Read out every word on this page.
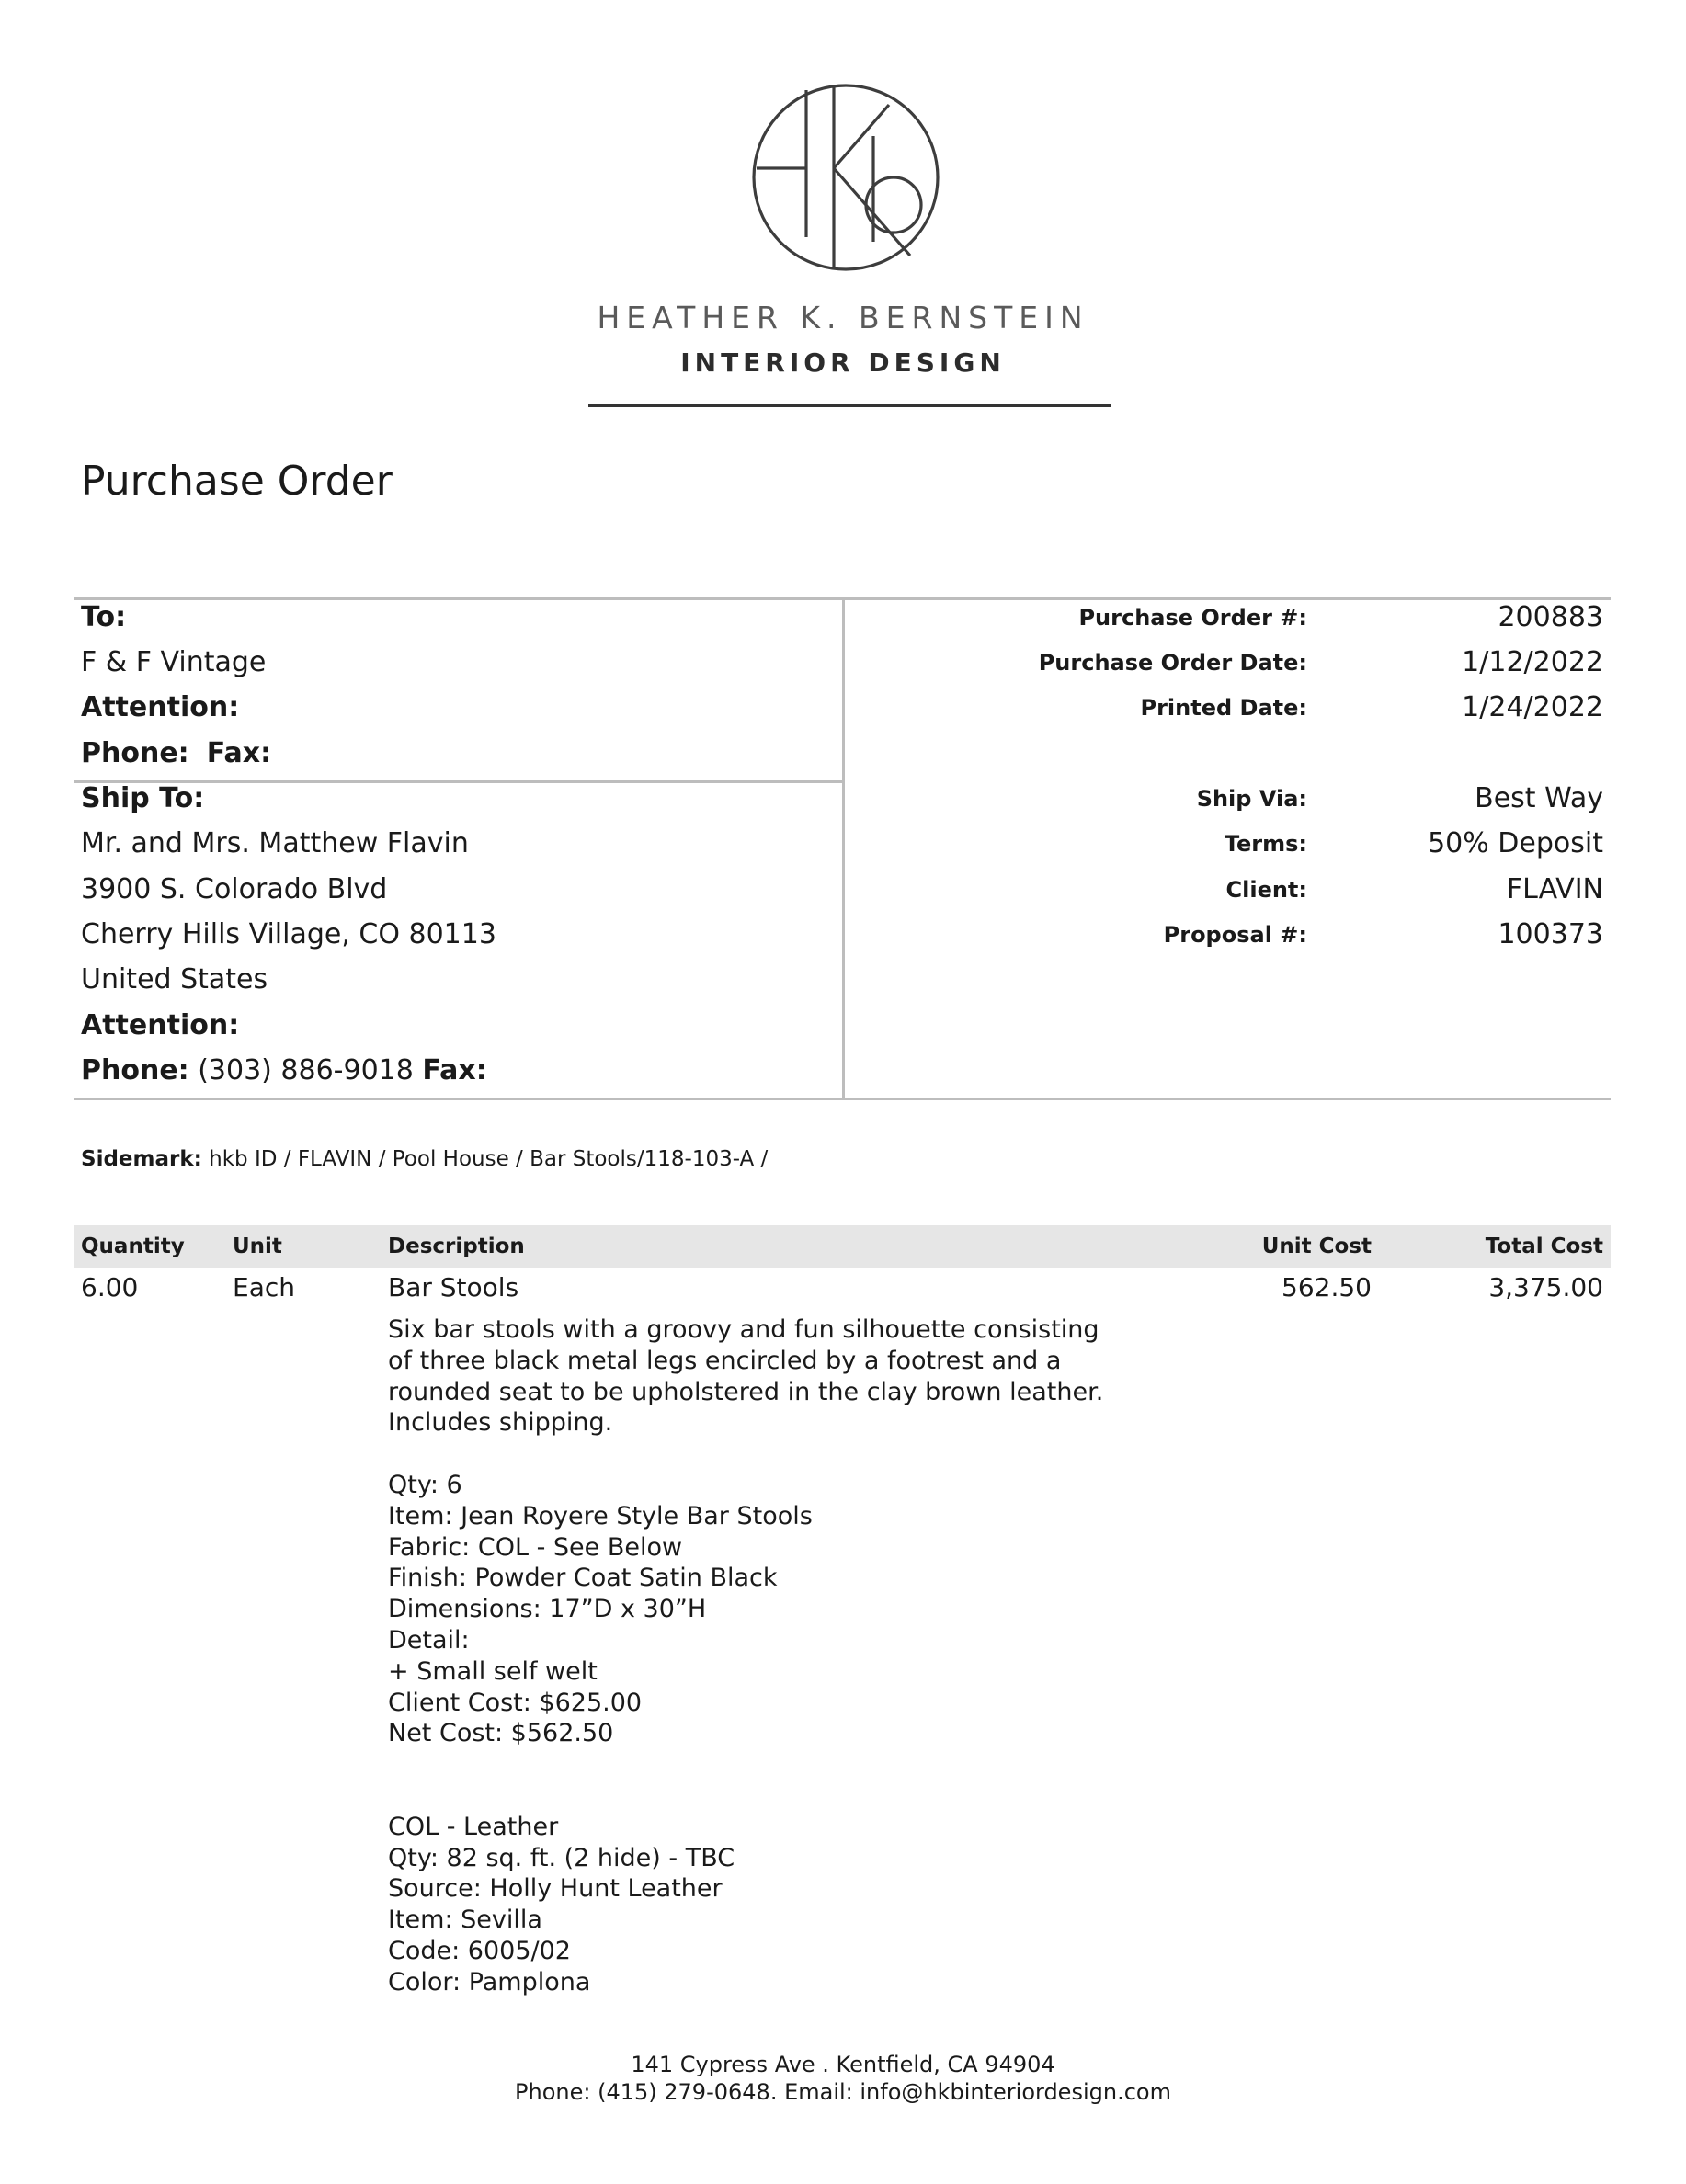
HEATHER K. BERNSTEIN
INTERIOR DESIGN
Purchase Order
To:
F & F Vintage
Attention:
Phone: Fax:
Ship To:
Mr. and Mrs. Matthew Flavin
3900 S. Colorado Blvd
Cherry Hills Village, CO 80113
United States
Attention:
Phone: (303) 886-9018 Fax:
Purchase Order #:	200883
Purchase Order Date:	1/12/2022
Printed Date:	1/24/2022
Ship Via:	Best Way
Terms:	50% Deposit
Client:	FLAVIN
Proposal #:	100373
Sidemark: hkb ID / FLAVIN / Pool House / Bar Stools/118-103-A /
Quantity Unit	Description	Unit Cost	Total Cost
6.00	Each	Bar Stools	562.50	3,375.00

Six bar stools with a groovy and fun silhouette consisting

of three black metal legs encircled by a footrest and a

rounded seat to be upholstered in the clay brown leather.

Includes shipping.

Qty: 6

Item: Jean Royere Style Bar Stools

Fabric: COL - See Below

Finish: Powder Coat Satin Black

Dimensions: 17”D x 30”H

Detail:

+ Small self welt

Client Cost: $625.00

Net Cost: $562.50

COL - Leather

Qty: 82 sq. ft. (2 hide) - TBC

Source: Holly Hunt Leather

Item: Sevilla

Code: 6005/02

Color: Pamplona

141 Cypress Ave . Kentfield, CA 94904
Phone: (415) 279-0648. Email: info@hkbinteriordesign.com
